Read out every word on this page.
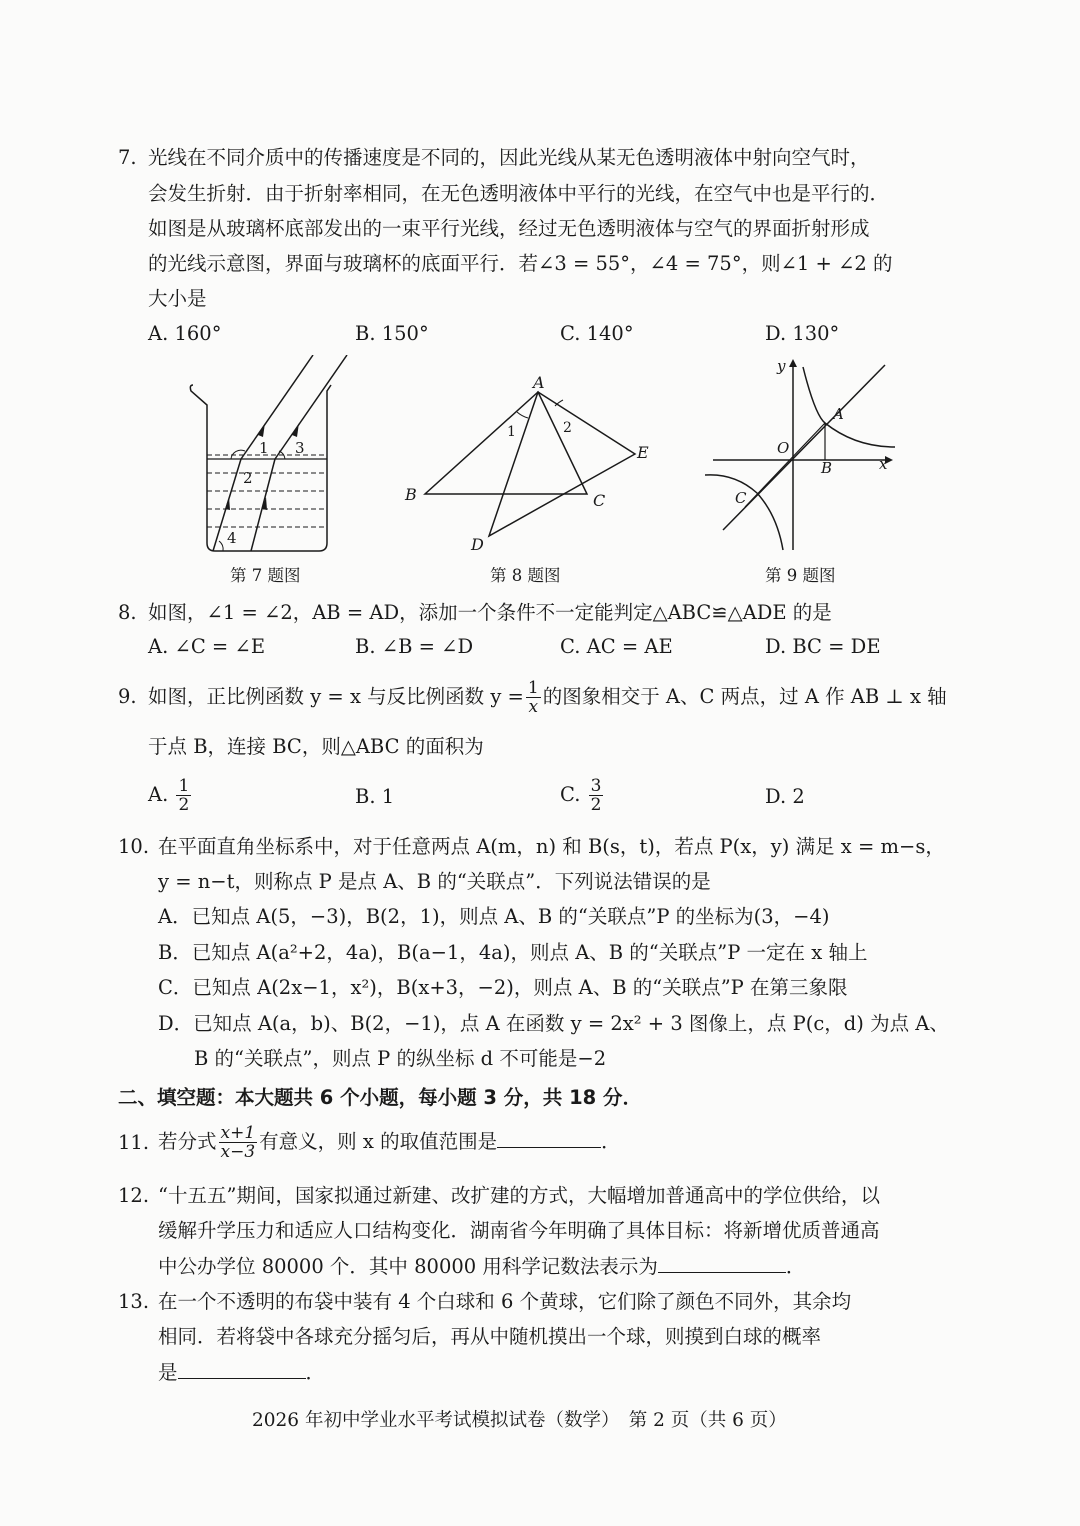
7. 光线在不同介质中的传播速度是不同的，因此光线从某无色透明液体中射向空气时，
会发生折射．由于折射率相同，在无色透明液体中平行的光线，在空气中也是平行的．
如图是从玻璃杯底部发出的一束平行光线，经过无色透明液体与空气的界面折射形成
的光线示意图，界面与玻璃杯的底面平行．若∠3 = 55°，∠4 = 75°，则∠1 + ∠2 的
大小是
A. 160°	B. 150°	C. 140°	D. 130°
1
2
3
4
第 7 题图
A
B	C
D
E
1	2
第 8 题图
y
x
O
A
B
C
第 9 题图
8. 如图，∠1 = ∠2，AB = AD，添加一个条件不一定能判定△ABC≌△ADE 的是
A. ∠C = ∠E	B. ∠B = ∠D	C. AC = AE	D. BC = DE
9. 如图，正比例函数 y = x 与反比例函数 $y = \frac{1}{x}$ 的图象相交于 A、C 两点，过 A 作 AB ⊥ x 轴
于点 B，连接 BC，则△ABC 的面积为
A. $\frac{1}{2}$	B. 1	C. $\frac{3}{2}$	D. 2
10. 在平面直角坐标系中，对于任意两点 A(m，n) 和 B(s，t)，若点 P(x，y) 满足 x = m−s，
y = n−t，则称点 P 是点 A、B 的“关联点”．下列说法错误的是
A．已知点 A(5，−3)，B(2，1)，则点 A、B 的“关联点”P 的坐标为(3，−4)
B．已知点 A(a²+2，4a)，B(a−1，4a)，则点 A、B 的“关联点”P 一定在 x 轴上
C．已知点 A(2x−1，x²)，B(x+3，−2)，则点 A、B 的“关联点”P 在第三象限
D．已知点 A(a，b)、B(2，−1)，点 A 在函数 y = 2x² + 3 图像上，点 P(c，d) 为点 A、
B 的“关联点”，则点 P 的纵坐标 d 不可能是−2
二、填空题：本大题共 6 个小题，每小题 3 分，共 18 分．
11. 若分式 $\frac{x+1}{x-3}$ 有意义，则 x 的取值范围是	．
12. “十五五”期间，国家拟通过新建、改扩建的方式，大幅增加普通高中的学位供给，以
缓解升学压力和适应人口结构变化．湖南省今年明确了具体目标：将新增优质普通高
中公办学位 80000 个．其中 80000 用科学记数法表示为	．
13. 在一个不透明的布袋中装有 4 个白球和 6 个黄球，它们除了颜色不同外，其余均
相同．若将袋中各球充分摇匀后，再从中随机摸出一个球，则摸到白球的概率
是	．
2026 年初中学业水平考试模拟试卷（数学）　第 2 页（共 6 页）
